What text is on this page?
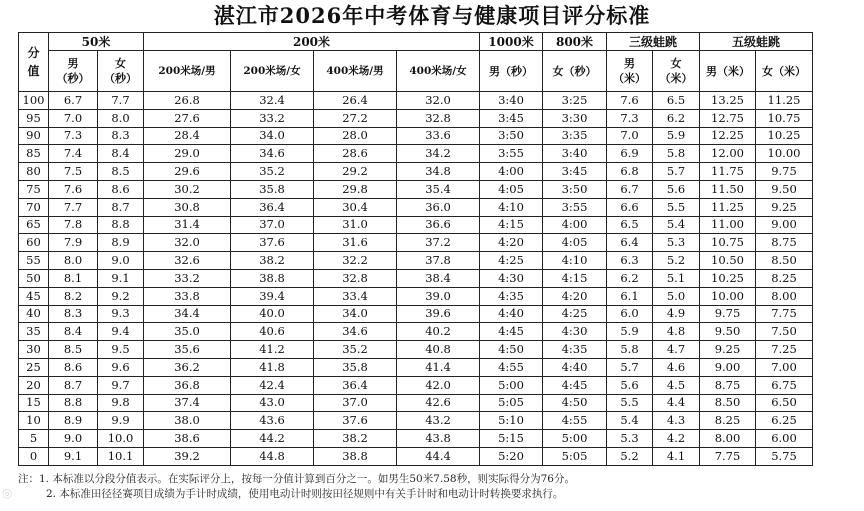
湛江市2026年中考体育与健康项目评分标准
分值	50米		200米				1000米	800米	三级蛙跳		五级蛙跳	
	男（秒）	女（秒）	200米场/男	200米场/女	400米场/男	400米场/女	男（秒）	女（秒）	男（米）	女（米）	男（米）	女（米）
100	6.7	7.7	26.8	32.4	26.4	32.0	3:40	3:25	7.6	6.5	13.25	11.25
95	7.0	8.0	27.6	33.2	27.2	32.8	3:45	3:30	7.3	6.2	12.75	10.75
90	7.3	8.3	28.4	34.0	28.0	33.6	3:50	3:35	7.0	5.9	12.25	10.25
85	7.4	8.4	29.0	34.6	28.6	34.2	3:55	3:40	6.9	5.8	12.00	10.00
80	7.5	8.5	29.6	35.2	29.2	34.8	4:00	3:45	6.8	5.7	11.75	9.75
75	7.6	8.6	30.2	35.8	29.8	35.4	4:05	3:50	6.7	5.6	11.50	9.50
70	7.7	8.7	30.8	36.4	30.4	36.0	4:10	3:55	6.6	5.5	11.25	9.25
65	7.8	8.8	31.4	37.0	31.0	36.6	4:15	4:00	6.5	5.4	11.00	9.00
60	7.9	8.9	32.0	37.6	31.6	37.2	4:20	4:05	6.4	5.3	10.75	8.75
55	8.0	9.0	32.6	38.2	32.2	37.8	4:25	4:10	6.3	5.2	10.50	8.50
50	8.1	9.1	33.2	38.8	32.8	38.4	4:30	4:15	6.2	5.1	10.25	8.25
45	8.2	9.2	33.8	39.4	33.4	39.0	4:35	4:20	6.1	5.0	10.00	8.00
40	8.3	9.3	34.4	40.0	34.0	39.6	4:40	4:25	6.0	4.9	9.75	7.75
35	8.4	9.4	35.0	40.6	34.6	40.2	4:45	4:30	5.9	4.8	9.50	7.50
30	8.5	9.5	35.6	41.2	35.2	40.8	4:50	4:35	5.8	4.7	9.25	7.25
25	8.6	9.6	36.2	41.8	35.8	41.4	4:55	4:40	5.7	4.6	9.00	7.00
20	8.7	9.7	36.8	42.4	36.4	42.0	5:00	4:45	5.6	4.5	8.75	6.75
15	8.8	9.8	37.4	43.0	37.0	42.6	5:05	4:50	5.5	4.4	8.50	6.50
10	8.9	9.9	38.0	43.6	37.6	43.2	5:10	4:55	5.4	4.3	8.25	6.25
5	9.0	10.0	38.6	44.2	38.2	43.8	5:15	5:00	5.3	4.2	8.00	6.00
0	9.1	10.1	39.2	44.8	38.8	44.4	5:20	5:05	5.2	4.1	7.75	5.75
注：1. 本标准以分段分值表示。在实际评分上，按每一分值计算到百分之一。如男生50米7.58秒，则实际得分为76分。
2. 本标准田径径赛项目成绩为手计时成绩，使用电动计时则按田径规则中有关手计时和电动计时转换要求执行。
◎
